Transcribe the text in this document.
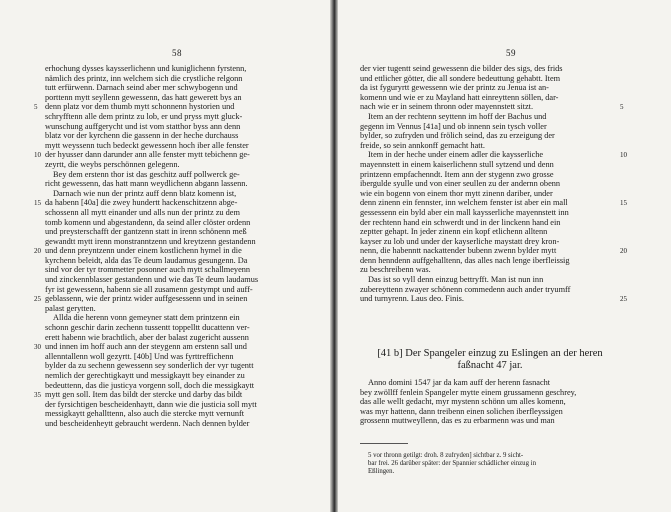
58
erhochung dysses kaysserlichenn und kuniglichenn fyrstenn,
nämlich des printz, inn welchem sich die crystliche relgonn
tutt erfürwenn. Darnach seind aber mer schwybogenn und
porttenn mytt seyllenn gewessenn, das hatt gewerett bys an
denn platz vor dem thumb mytt schonnenn hystorien und
schryfftenn alle dem printz zu lob, er und pryss mytt gluck-
wunschung auffgerycht und ist vom statthor byss ann denn
blatz vor der kyrchenn die gassenn in der heche durchauss
mytt weyssenn tuch bedeckt gewessenn hoch iber alle fenster
der hyusser dann darunder ann alle fenster mytt tebichenn ge-
zeyrtt, die weybs perschönnen gelegenn.
Bey dem erstenn thor ist das geschitz auff pollwerck ge-
richt gewessenn, das hatt mann weydlichenn abgann lassenn.
Darnach wie nun der printz auff denn blatz komenn ist,
da habenn [40a] die zwey hundertt hackenschitzenn abge-
schossenn all mytt einander und alls nun der printz zu dem
tomb komenn und abgestandenn, da seind aller clöster ordenn
und preysterschafft der gantzenn statt in irenn schönenn meß
gewandtt mytt irenn monstranntzenn und kreytzenn gestandenn
und denn preyntzenn under einem kostlichenn hymel in die
kyrchenn beleidt, alda das Te deum laudamus gesungenn. Da
sind vor der tyr trommetter posonner auch mytt schallmeyenn
und zinckennblasser gestandenn und wie das Te deum laudamus
fyr ist gewessenn, habenn sie all zusamenn gestympt und auff-
geblassenn, wie der printz wider auffgesessenn und in seinen
palast gerytten.
Allda die herenn vonn gemeyner statt dem printzenn ein
schonn geschir darin zechenn tussentt toppelltt ducattenn ver-
erett habenn wie brachtlich, aber der balast zugericht aussenn
und innen im hoff auch ann der steygenn am erstenn sall und
allenntallenn woll gezyrtt. [40b] Und was fyrttreffichenn
bylder da zu sechenn gewessenn sey sonderlich der vyr tugentt
nemlich der gerechtigkaytt und messigkaytt bey einander zu
bedeuttenn, das die justicya vorgenn soll, doch die messigkaytt
mytt gen soll. Item das bildt der stercke und darby das bildt
der fyrsichtigen bescheidenhaytt, dann wie die justicia soll mytt
messigkaytt gehallttenn, also auch die stercke mytt vernunft
und bescheidenheytt gebraucht werdenn. Nach dennen bylder
5
10
15
20
25
30
35
59
der vier tugentt seind gewessenn die bilder des sigs, des frids
und ettlicher götter, die all sondere bedeuttung gehabtt. Item
da ist fyguryrtt gewessenn wie der printz zu Jenua ist an-
komenn und wie er zu Mayland hatt einreyttenn söllen, dar-
nach wie er in seinem thronn oder mayennstett sitzt.
Item an der rechtenn seyttenn im hoff der Bachus und
gegenn im Vennus [41a] und ob innenn sein tysch voller
bylder, so zufryden und frölich seind, das zu erzeigung der
freide, so sein annkonff gemacht hatt.
Item in der heche under einem adler die kaysserliche
mayennstett in einem kaiserlichenn stull sytzend und denn
printzenn empfachenndt. Item ann der stygenn zwo grosse
ibergulde syulle und von einer seullen zu der andernn obenn
wie ein bogenn von einem thor mytt zinenn dariber, under
denn zinenn ein fennster, inn welchem fenster ist aber ein mall
gessessenn ein byld aber ein mall kaysserliche mayennstett inn
der rechtenn hand ein schwerdt und in der linckenn hand ein
zeptter gehapt. In jeder zinenn ein kopf etlichenn alltenn
kayser zu lob und under der kayserliche maystatt drey kron-
nenn, die habenntt nackattender bubenn zwenn bylder mytt
denn henndenn auffgehalltenn, das alles nach lenge iberfleissig
zu beschreibenn was.
Das ist so vyll denn einzug bettryfft. Man ist nun inn
zubereyttenn zwayer schönenn commedenn auch ander tryumff
und turnyrenn. Laus deo. Finis.
5
10
15
20
25
[41 b] Der Spangeler einzug zu Eslingen an der heren faßnacht 47 jar.
Anno domini 1547 jar da kam auff der herenn fasnacht
bey zwöllff fenlein Spangeler mytte einem grussamenn geschrey,
das alle wellt gedacht, myr mystenn schönn um alles komenn,
was myr hattenn, dann treibenn einen solichen iberfleyssigen
grossenn muttweyllenn, das es zu erbarmenn was und man
5 vor thronn getilgt: droh. 8 zufryden] sichtbar z. 9 sicht-
bar frei. 26 darüber später: der Spannier schädlicher einzug in
Eßlingen.
